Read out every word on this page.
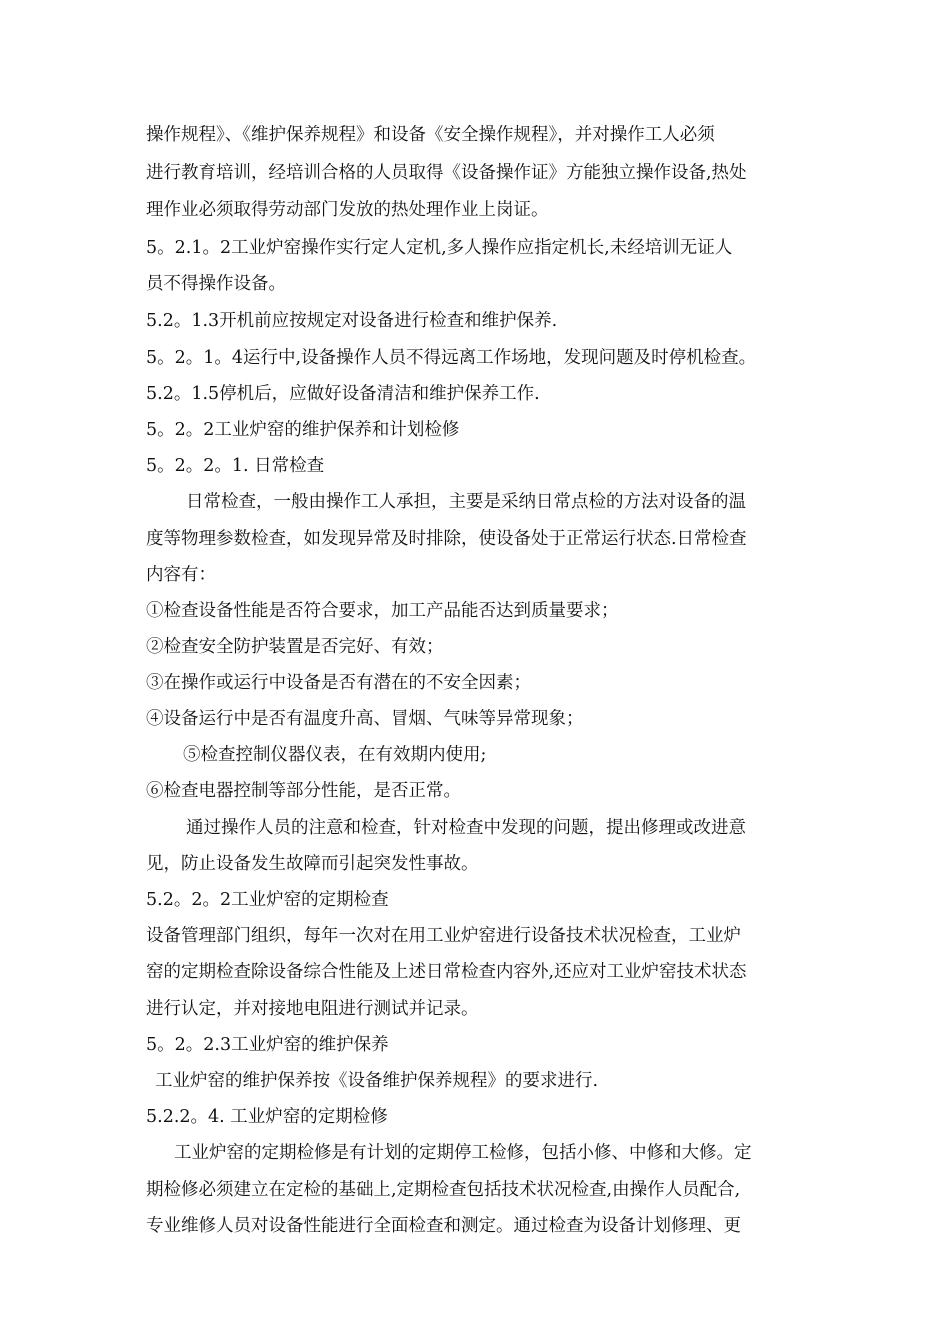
操作规程》、《维护保养规程》和设备《安全操作规程》，并对操作工人必须
进行教育培训，经培训合格的人员取得《设备操作证》方能独立操作设备,热处
理作业必须取得劳动部门发放的热处理作业上岗证。
5。2.1。2工业炉窑操作实行定人定机,多人操作应指定机长,未经培训无证人
员不得操作设备。
5.2。1.3开机前应按规定对设备进行检查和维护保养.
5。2。1。4运行中,设备操作人员不得远离工作场地，发现问题及时停机检查。
5.2。1.5停机后，应做好设备清洁和维护保养工作.
5。2。2工业炉窑的维护保养和计划检修
5。2。2。1. 日常检查
日常检查，一般由操作工人承担，主要是采纳日常点检的方法对设备的温
度等物理参数检查，如发现异常及时排除，使设备处于正常运行状态.日常检查
内容有：
①检查设备性能是否符合要求，加工产品能否达到质量要求；
②检查安全防护装置是否完好、有效；
③在操作或运行中设备是否有潜在的不安全因素；
④设备运行中是否有温度升高、冒烟、气味等异常现象；
⑤检查控制仪器仪表，在有效期内使用;
⑥检查电器控制等部分性能，是否正常。
通过操作人员的注意和检查，针对检查中发现的问题，提出修理或改进意
见，防止设备发生故障而引起突发性事故。
5.2。2。2工业炉窑的定期检查
设备管理部门组织，每年一次对在用工业炉窑进行设备技术状况检查，工业炉
窑的定期检查除设备综合性能及上述日常检查内容外,还应对工业炉窑技术状态
进行认定，并对接地电阻进行测试并记录。
5。2。2.3工业炉窑的维护保养
工业炉窑的维护保养按《设备维护保养规程》的要求进行.
5.2.2。4. 工业炉窑的定期检修
工业炉窑的定期检修是有计划的定期停工检修，包括小修、中修和大修。定
期检修必须建立在定检的基础上,定期检查包括技术状况检查,由操作人员配合,
专业维修人员对设备性能进行全面检查和测定。通过检查为设备计划修理、更
